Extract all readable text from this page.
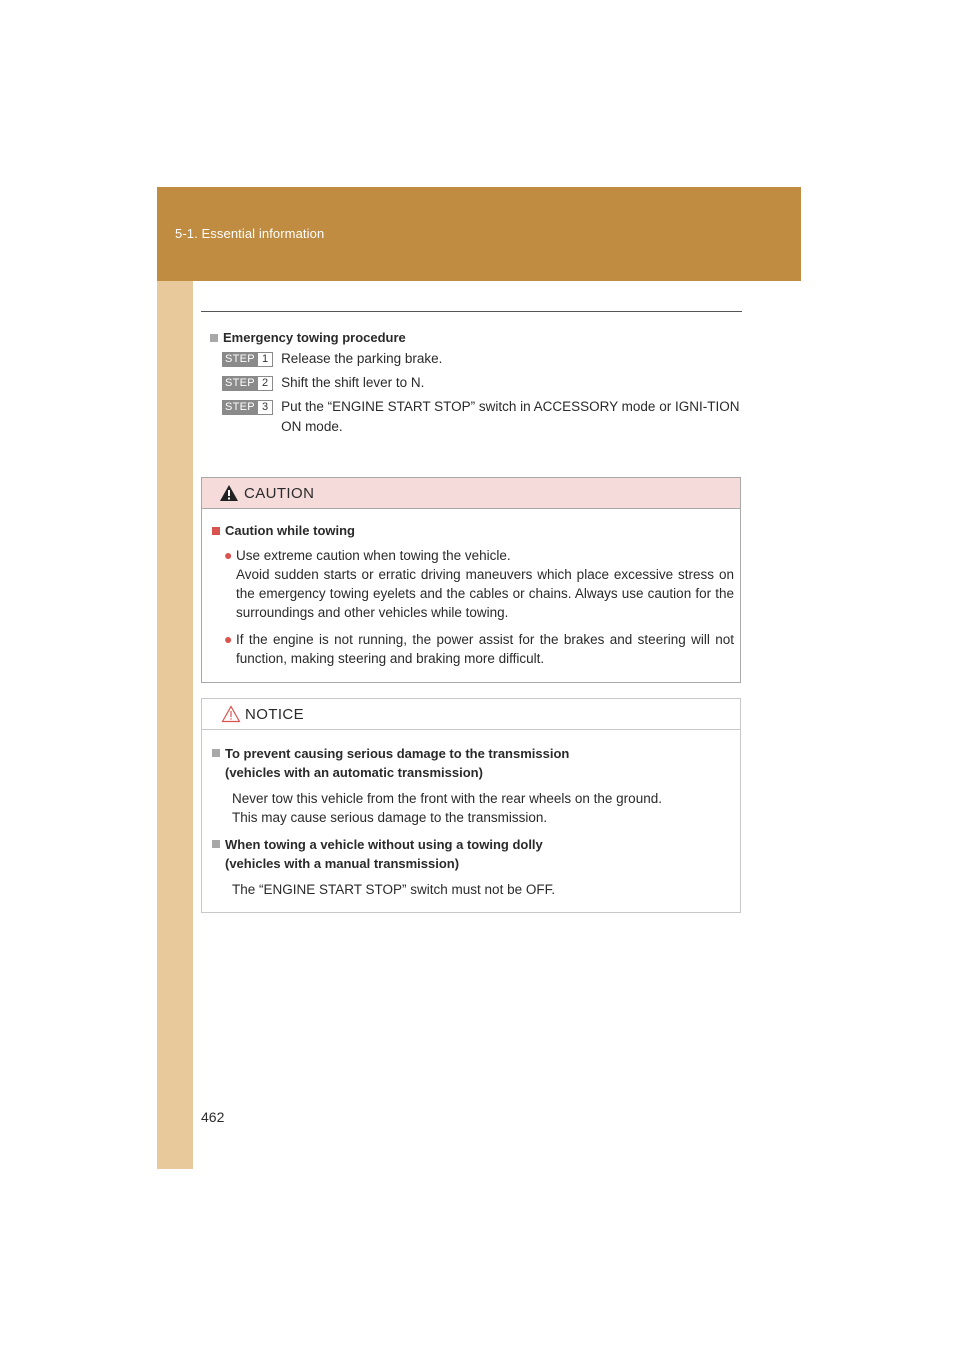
5-1. Essential information
462
Emergency towing procedure
STEP 1 Release the parking brake.
STEP 2 Shift the shift lever to N.
STEP 3 Put the “ENGINE START STOP” switch in ACCESSORY mode or IGNI-TION ON mode.
CAUTION
Caution while towing
● Use extreme caution when towing the vehicle.
Avoid sudden starts or erratic driving maneuvers which place excessive stress on the emergency towing eyelets and the cables or chains. Always use caution for the surroundings and other vehicles while towing.
● If the engine is not running, the power assist for the brakes and steering will not function, making steering and braking more difficult.
NOTICE
To prevent causing serious damage to the transmission
(vehicles with an automatic transmission)
Never tow this vehicle from the front with the rear wheels on the ground.
This may cause serious damage to the transmission.
When towing a vehicle without using a towing dolly
(vehicles with a manual transmission)
The “ENGINE START STOP” switch must not be OFF.
